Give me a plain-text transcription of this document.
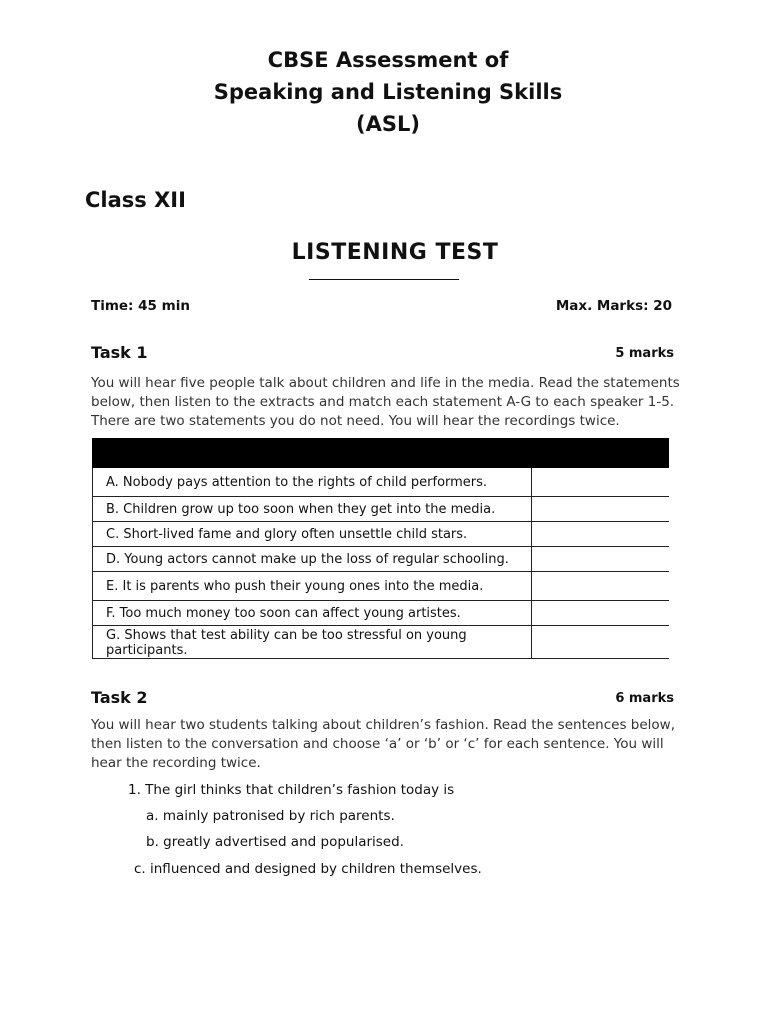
CBSE Assessment of
Speaking and Listening Skills
(ASL)
Class XII
LISTENING TEST
Time: 45 min	Max. Marks: 20
Task 1	5 marks
You will hear five people talk about children and life in the media. Read the statements below, then listen to the extracts and match each statement A-G to each speaker 1-5. There are two statements you do not need. You will hear the recordings twice.

A. Nobody pays attention to the rights of child performers.	
B. Children grow up too soon when they get into the media.	
C. Short-lived fame and glory often unsettle child stars.	
D. Young actors cannot make up the loss of regular schooling.	
E. It is parents who push their young ones into the media.	
F. Too much money too soon can affect young artistes.	
G. Shows that test ability can be too stressful on young participants.	
Task 2	6 marks
You will hear two students talking about children’s fashion. Read the sentences below, then listen to the conversation and choose ‘a’ or ‘b’ or ‘c’ for each sentence. You will hear the recording twice.
1. The girl thinks that children’s fashion today is
a. mainly patronised by rich parents.
b. greatly advertised and popularised.
c. influenced and designed by children themselves.
